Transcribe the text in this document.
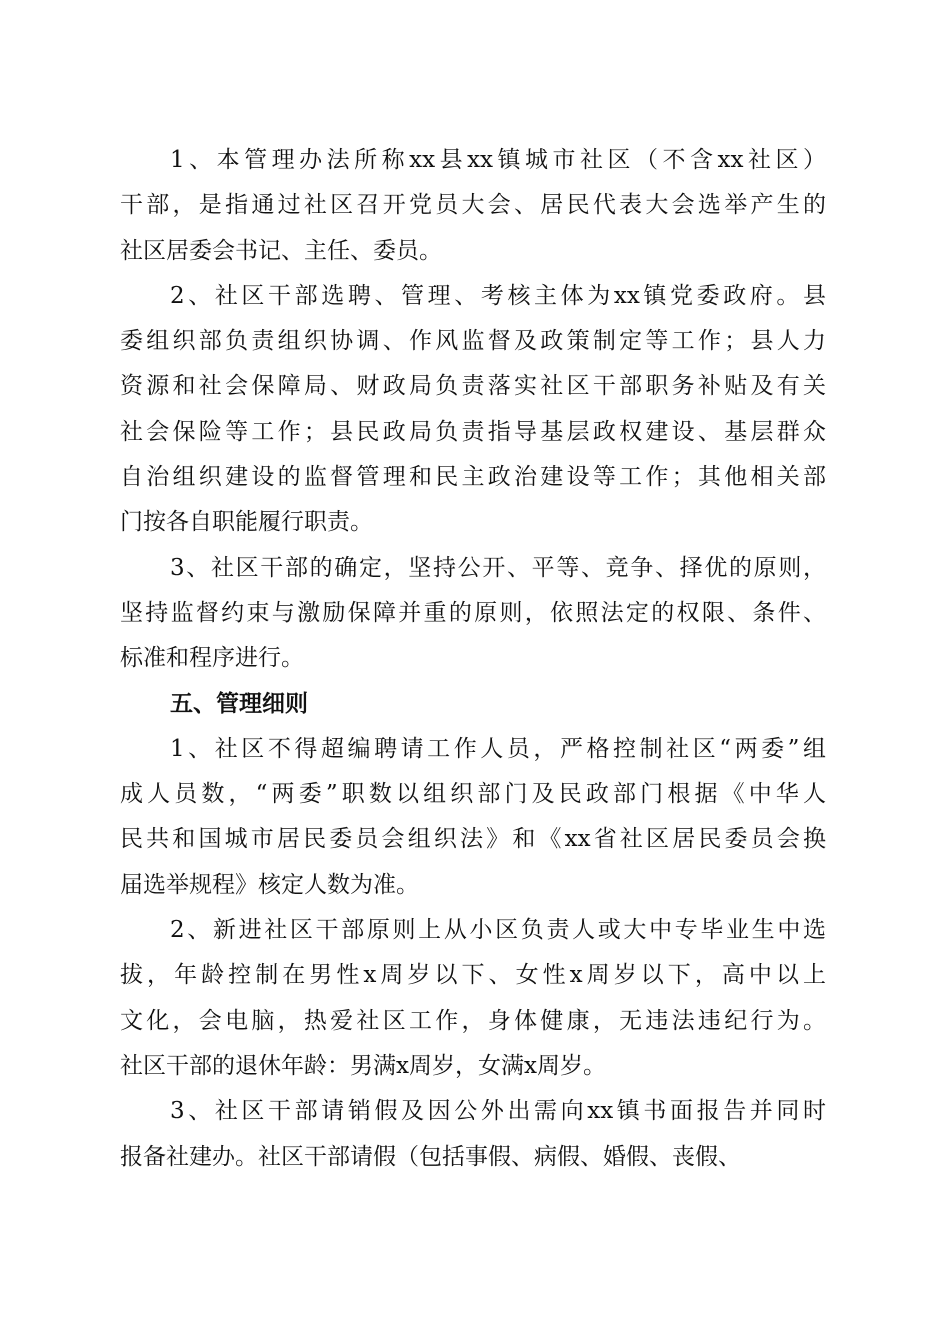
1、本管理办法所称xx县xx镇城市社区（不含xx社区）
干部，是指通过社区召开党员大会、居民代表大会选举产生的
社区居委会书记、主任、委员。
2、社区干部选聘、管理、考核主体为xx镇党委政府。县
委组织部负责组织协调、作风监督及政策制定等工作；县人力
资源和社会保障局、财政局负责落实社区干部职务补贴及有关
社会保险等工作；县民政局负责指导基层政权建设、基层群众
自治组织建设的监督管理和民主政治建设等工作；其他相关部
门按各自职能履行职责。
3、社区干部的确定，坚持公开、平等、竞争、择优的原则，
坚持监督约束与激励保障并重的原则，依照法定的权限、条件、
标准和程序进行。
五、管理细则
1、社区不得超编聘请工作人员，严格控制社区“两委”组
成人员数，“两委”职数以组织部门及民政部门根据《中华人
民共和国城市居民委员会组织法》和《xx省社区居民委员会换
届选举规程》核定人数为准。
2、新进社区干部原则上从小区负责人或大中专毕业生中选
拔，年龄控制在男性x周岁以下、女性x周岁以下，高中以上
文化，会电脑，热爱社区工作，身体健康，无违法违纪行为。
社区干部的退休年龄：男满x周岁，女满x周岁。
3、社区干部请销假及因公外出需向xx镇书面报告并同时
报备社建办。社区干部请假（包括事假、病假、婚假、丧假、
